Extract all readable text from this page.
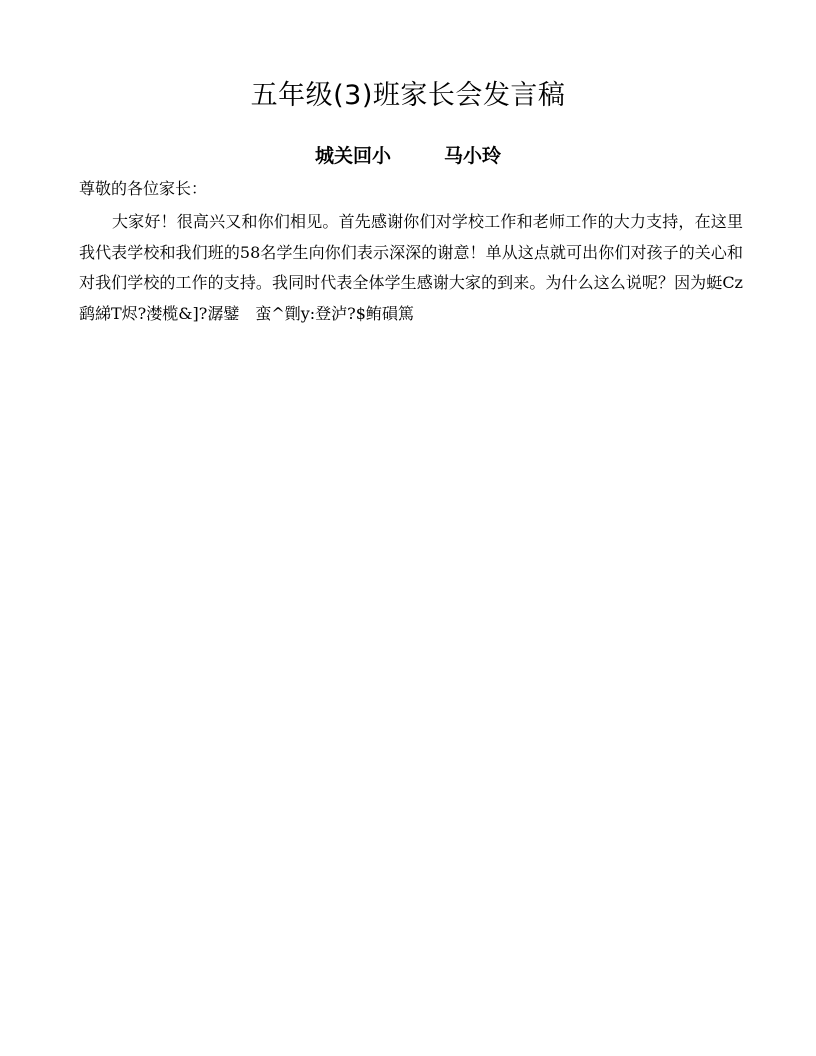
五年级(3)班家长会发言稿
城关回小	马小玲
尊敬的各位家长：

大家好！很高兴又和你们相见。首先感谢你们对学校工作和老师工作的大力支持，在这里我代表学校和我们班的58名学生向你们表示深深的谢意！单从这点就可出你们对孩子的关心和对我们学校的工作的支持。我同时代表全体学生感谢大家的到来。为什么这么说呢？因为蜓Cz鹞綈T烬?漤榄&]?潺鐾　蛮^劕y:登泸?$鲔磒篤
